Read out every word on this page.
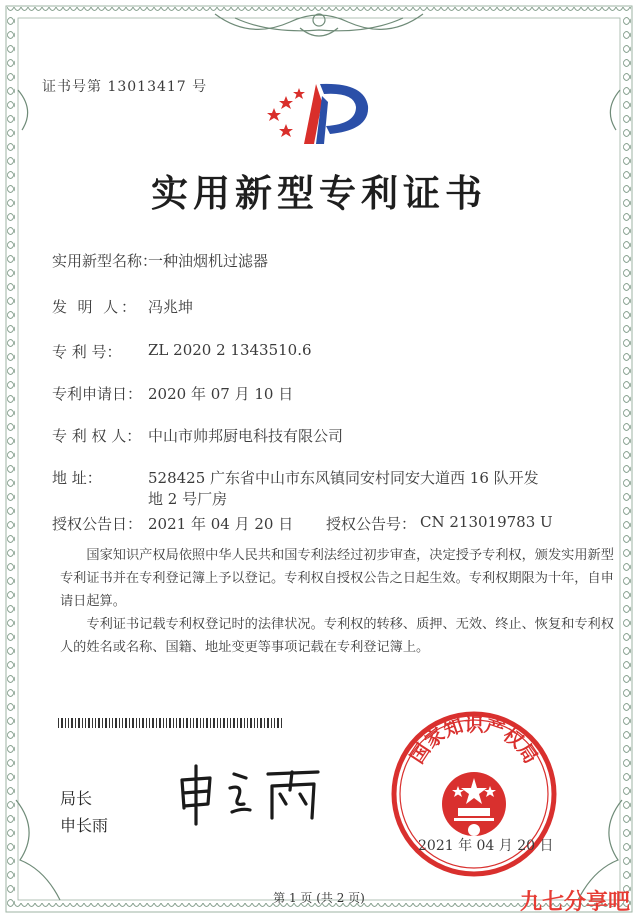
证书号第 13013417 号
实用新型专利证书
实用新型名称：
一种油烟机过滤器
发 明 人： 冯兆坤
专 利 号： ZL 2020 2 1343510.6
专利申请日： 2020 年 07 月 10 日
专 利 权 人： 中山市帅邦厨电科技有限公司
地 址：	528425 广东省中山市东风镇同安村同安大道西 16 队开发
地 2 号厂房
授权公告日： 2021 年 04 月 20 日 授权公告号： CN 213019783 U
国家知识产权局依照中华人民共和国专利法经过初步审查，决定授予专利权，颁发实用新型专利证书并在专利登记簿上予以登记。专利权自授权公告之日起生效。专利权期限为十年，自申请日起算。
专利证书记载专利权登记时的法律状况。专利权的转移、质押、无效、终止、恢复和专利权人的姓名或名称、国籍、地址变更等事项记载在专利登记簿上。
局长
申长雨
国家知识产权局
2021 年 04 月 20 日
第 1 页 (共 2 页)	九七分享吧
